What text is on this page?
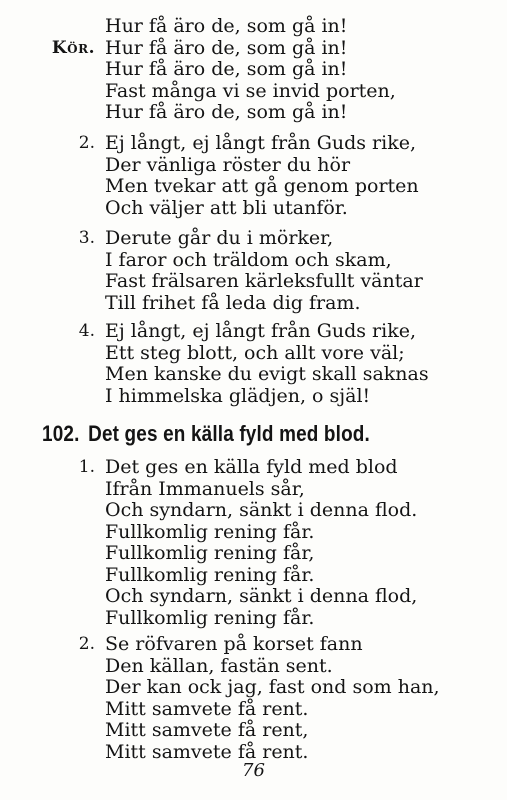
Hur få äro de, som gå in!
Kör. Hur få äro de, som gå in!
Hur få äro de, som gå in!
Fast många vi se invid porten,
Hur få äro de, som gå in!
2. Ej långt, ej långt från Guds rike,
Der vänliga röster du hör
Men tvekar att gå genom porten
Och väljer att bli utanför.
3. Derute går du i mörker,
I faror och träldom och skam,
Fast frälsaren kärleksfullt väntar
Till frihet få leda dig fram.
4. Ej långt, ej långt från Guds rike,
Ett steg blott, och allt vore väl;
Men kanske du evigt skall saknas
I himmelska glädjen, o själ!
102. Det ges en källa fyld med blod.
1. Det ges en källa fyld med blod
Ifrån Immanuels sår,
Och syndarn, sänkt i denna flod.
Fullkomlig rening får.
Fullkomlig rening får,
Fullkomlig rening får.
Och syndarn, sänkt i denna flod,
Fullkomlig rening får.
2. Se röfvaren på korset fann
Den källan, fastän sent.
Der kan ock jag, fast ond som han,
Mitt samvete få rent.
Mitt samvete få rent,
Mitt samvete få rent.
76
